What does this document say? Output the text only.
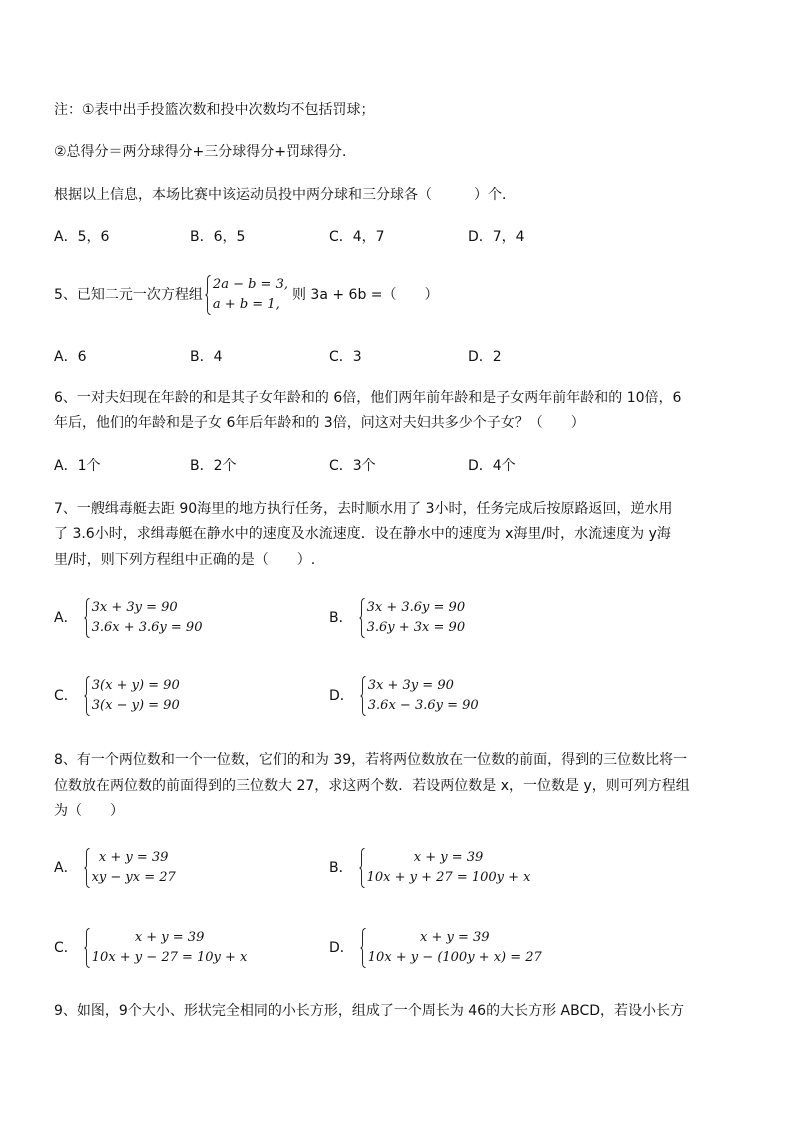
注：①表中出手投篮次数和投中次数均不包括罚球；
②总得分＝两分球得分+三分球得分+罚球得分．
根据以上信息，本场比赛中该运动员投中两分球和三分球各（　　　）个．
A．5，6	B．6，5	C．4，7	D．7，4
5、已知二元一次方程组
2a − b = 3,
a + b = 1,
则 3a + 6b =（　　）
A．6	B．4	C．3	D．2
6、一对夫妇现在年龄的和是其子女年龄和的 6倍，他们两年前年龄和是子女两年前年龄和的 10倍，6
年后，他们的年龄和是子女 6年后年龄和的 3倍，问这对夫妇共多少个子女？（　　）
A．1个	B．2个	C．3个	D．4个
7、一艘缉毒艇去距 90海里的地方执行任务，去时顺水用了 3小时，任务完成后按原路返回，逆水用
了 3.6小时，求缉毒艇在静水中的速度及水流速度．设在静水中的速度为 x海里/时，水流速度为 y海
里/时，则下列方程组中正确的是（　　）.
A．
3x + 3y = 90
3.6x + 3.6y = 90
B．
3x + 3.6y = 90
3.6y + 3x = 90
C．
3(x + y) = 90
3(x − y) = 90
D．
3x + 3y = 90
3.6x − 3.6y = 90
8、有一个两位数和一个一位数，它们的和为 39，若将两位数放在一位数的前面，得到的三位数比将一
位数放在两位数的前面得到的三位数大 27，求这两个数．若设两位数是 x，一位数是 y，则可列方程组
为（　　）
A．
x + y = 39
xy − yx = 27
B．
x + y = 39
10x + y + 27 = 100y + x
C．
x + y = 39
10x + y − 27 = 10y + x
D．
x + y = 39
10x + y − (100y + x) = 27
9、如图，9个大小、形状完全相同的小长方形，组成了一个周长为 46的大长方形 ABCD，若设小长方
